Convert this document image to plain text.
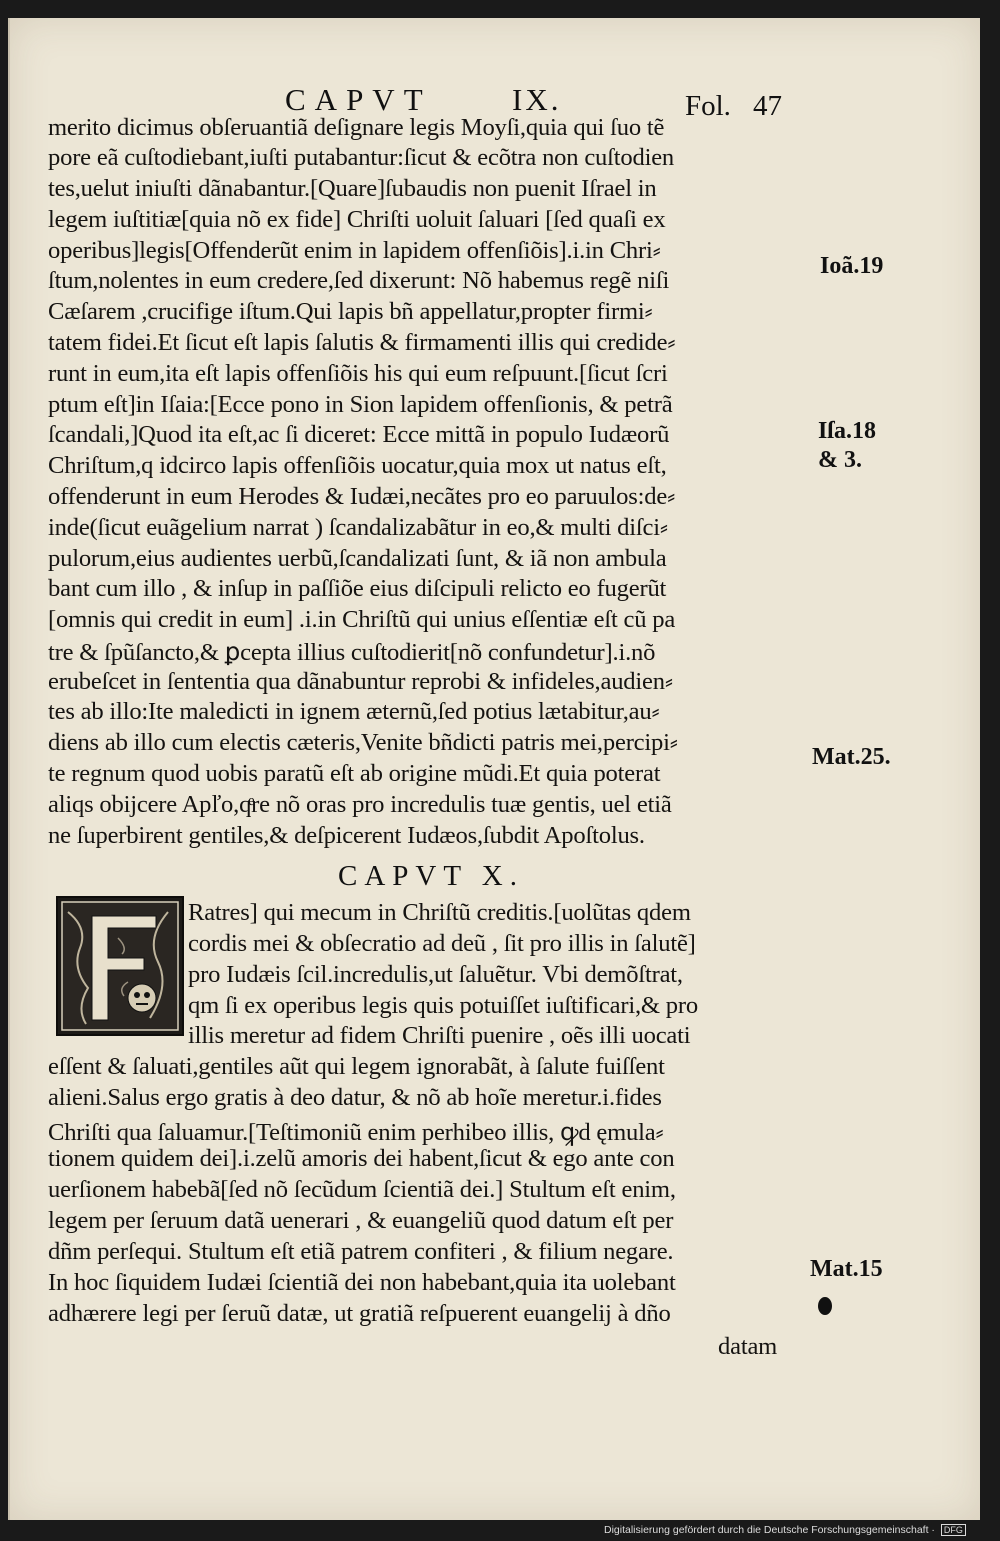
CAPVT	IX.	Fol. 47
merito dicimus obſeruantiã deſignare legis Moyſi,quia qui ſuo tẽ
pore eã cuſtodiebant,iuſti putabantur:ſicut & ecõtra non cuſtodien
tes,uelut iniuſti dãnabantur.[Quare]ſubaudis non puenit Iſrael in
legem iuſtitiæ[quia nõ ex fide] Chriſti uoluit ſaluari [ſed quaſi ex
operibus]legis[Offenderũt enim in lapidem offenſiõis].i.in Chri⸗
ſtum,nolentes in eum credere,ſed dixerunt: Nõ habemus regẽ niſi
Cæſarem ,crucifige iſtum.Qui lapis bñ appellatur,propter firmi⸗
tatem fidei.Et ſicut eſt lapis ſalutis & firmamenti illis qui credide⸗
runt in eum,ita eſt lapis offenſiõis his qui eum reſpuunt.[ſicut ſcri
ptum eſt]in Iſaia:[Ecce pono in Sion lapidem offenſionis, & petrã
ſcandali,]Quod ita eſt,ac ſi diceret: Ecce mittã in populo Iudæorũ
Chriſtum,q idcirco lapis offenſiõis uocatur,quia mox ut natus eſt,
offenderunt in eum Herodes & Iudæi,necãtes pro eo paruulos:de⸗
inde(ſicut euãgelium narrat ) ſcandalizabãtur in eo,& multi diſci⸗
pulorum,eius audientes uerbũ,ſcandalizati ſunt, & iã non ambula
bant cum illo , & inſup in paſſiõe eius diſcipuli relicto eo fugerũt
[omnis qui credit in eum] .i.in Chriſtũ qui unius eſſentiæ eſt cũ pa
tre & ſpũſancto,& ꝑcepta illius cuſtodierit[nõ confundetur].i.nõ
erubeſcet in ſententia qua dãnabuntur reprobi & infideles,audien⸗
tes ab illo:Ite maledicti in ignem æternũ,ſed potius lætabitur,au⸗
diens ab illo cum electis cæteris,Venite bñdicti patris mei,percipi⸗
te regnum quod uobis paratũ eſt ab origine mũdi.Et quia poterat
aliqs obijcere Apľo,qͤre nõ oras pro incredulis tuæ gentis, uel etiã
ne ſuperbirent gentiles,& deſpicerent Iudæos,ſubdit Apoſtolus.
CAPVT X.
Ratres] qui mecum in Chriſtũ creditis.[uolũtas qdem
cordis mei & obſecratio ad deũ , ſit pro illis in ſalutẽ]
pro Iudæis ſcil.incredulis,ut ſaluẽtur. Vbi demõſtrat,
qm ſi ex operibus legis quis potuiſſet iuſtificari,& pro
illis meretur ad fidem Chriſti puenire , oẽs illi uocati
eſſent & ſaluati,gentiles aũt qui legem ignorabãt, à ſalute fuiſſent
alieni.Salus ergo gratis à deo datur, & nõ ab hoĩe meretur.i.fides
Chriſti qua ſaluamur.[Teſtimoniũ enim perhibeo illis, ꝙd ęmula⸗
tionem quidem dei].i.zelũ amoris dei habent,ſicut & ego ante con
uerſionem habebã[ſed nõ ſecũdum ſcientiã dei.] Stultum eſt enim,
legem per ſeruum datã uenerari , & euangeliũ quod datum eſt per
dñm perſequi. Stultum eſt etiã patrem confiteri , & filium negare.
In hoc ſiquidem Iudæi ſcientiã dei non habebant,quia ita uolebant
adhærere legi per ſeruũ datæ, ut gratiã reſpuerent euangelij à dño
datam
Ioã.19
Iſa.18
& 3.
Mat.25.
Mat.15
Digitalisierung gefördert durch die Deutsche Forschungsgemeinschaft · DFG
